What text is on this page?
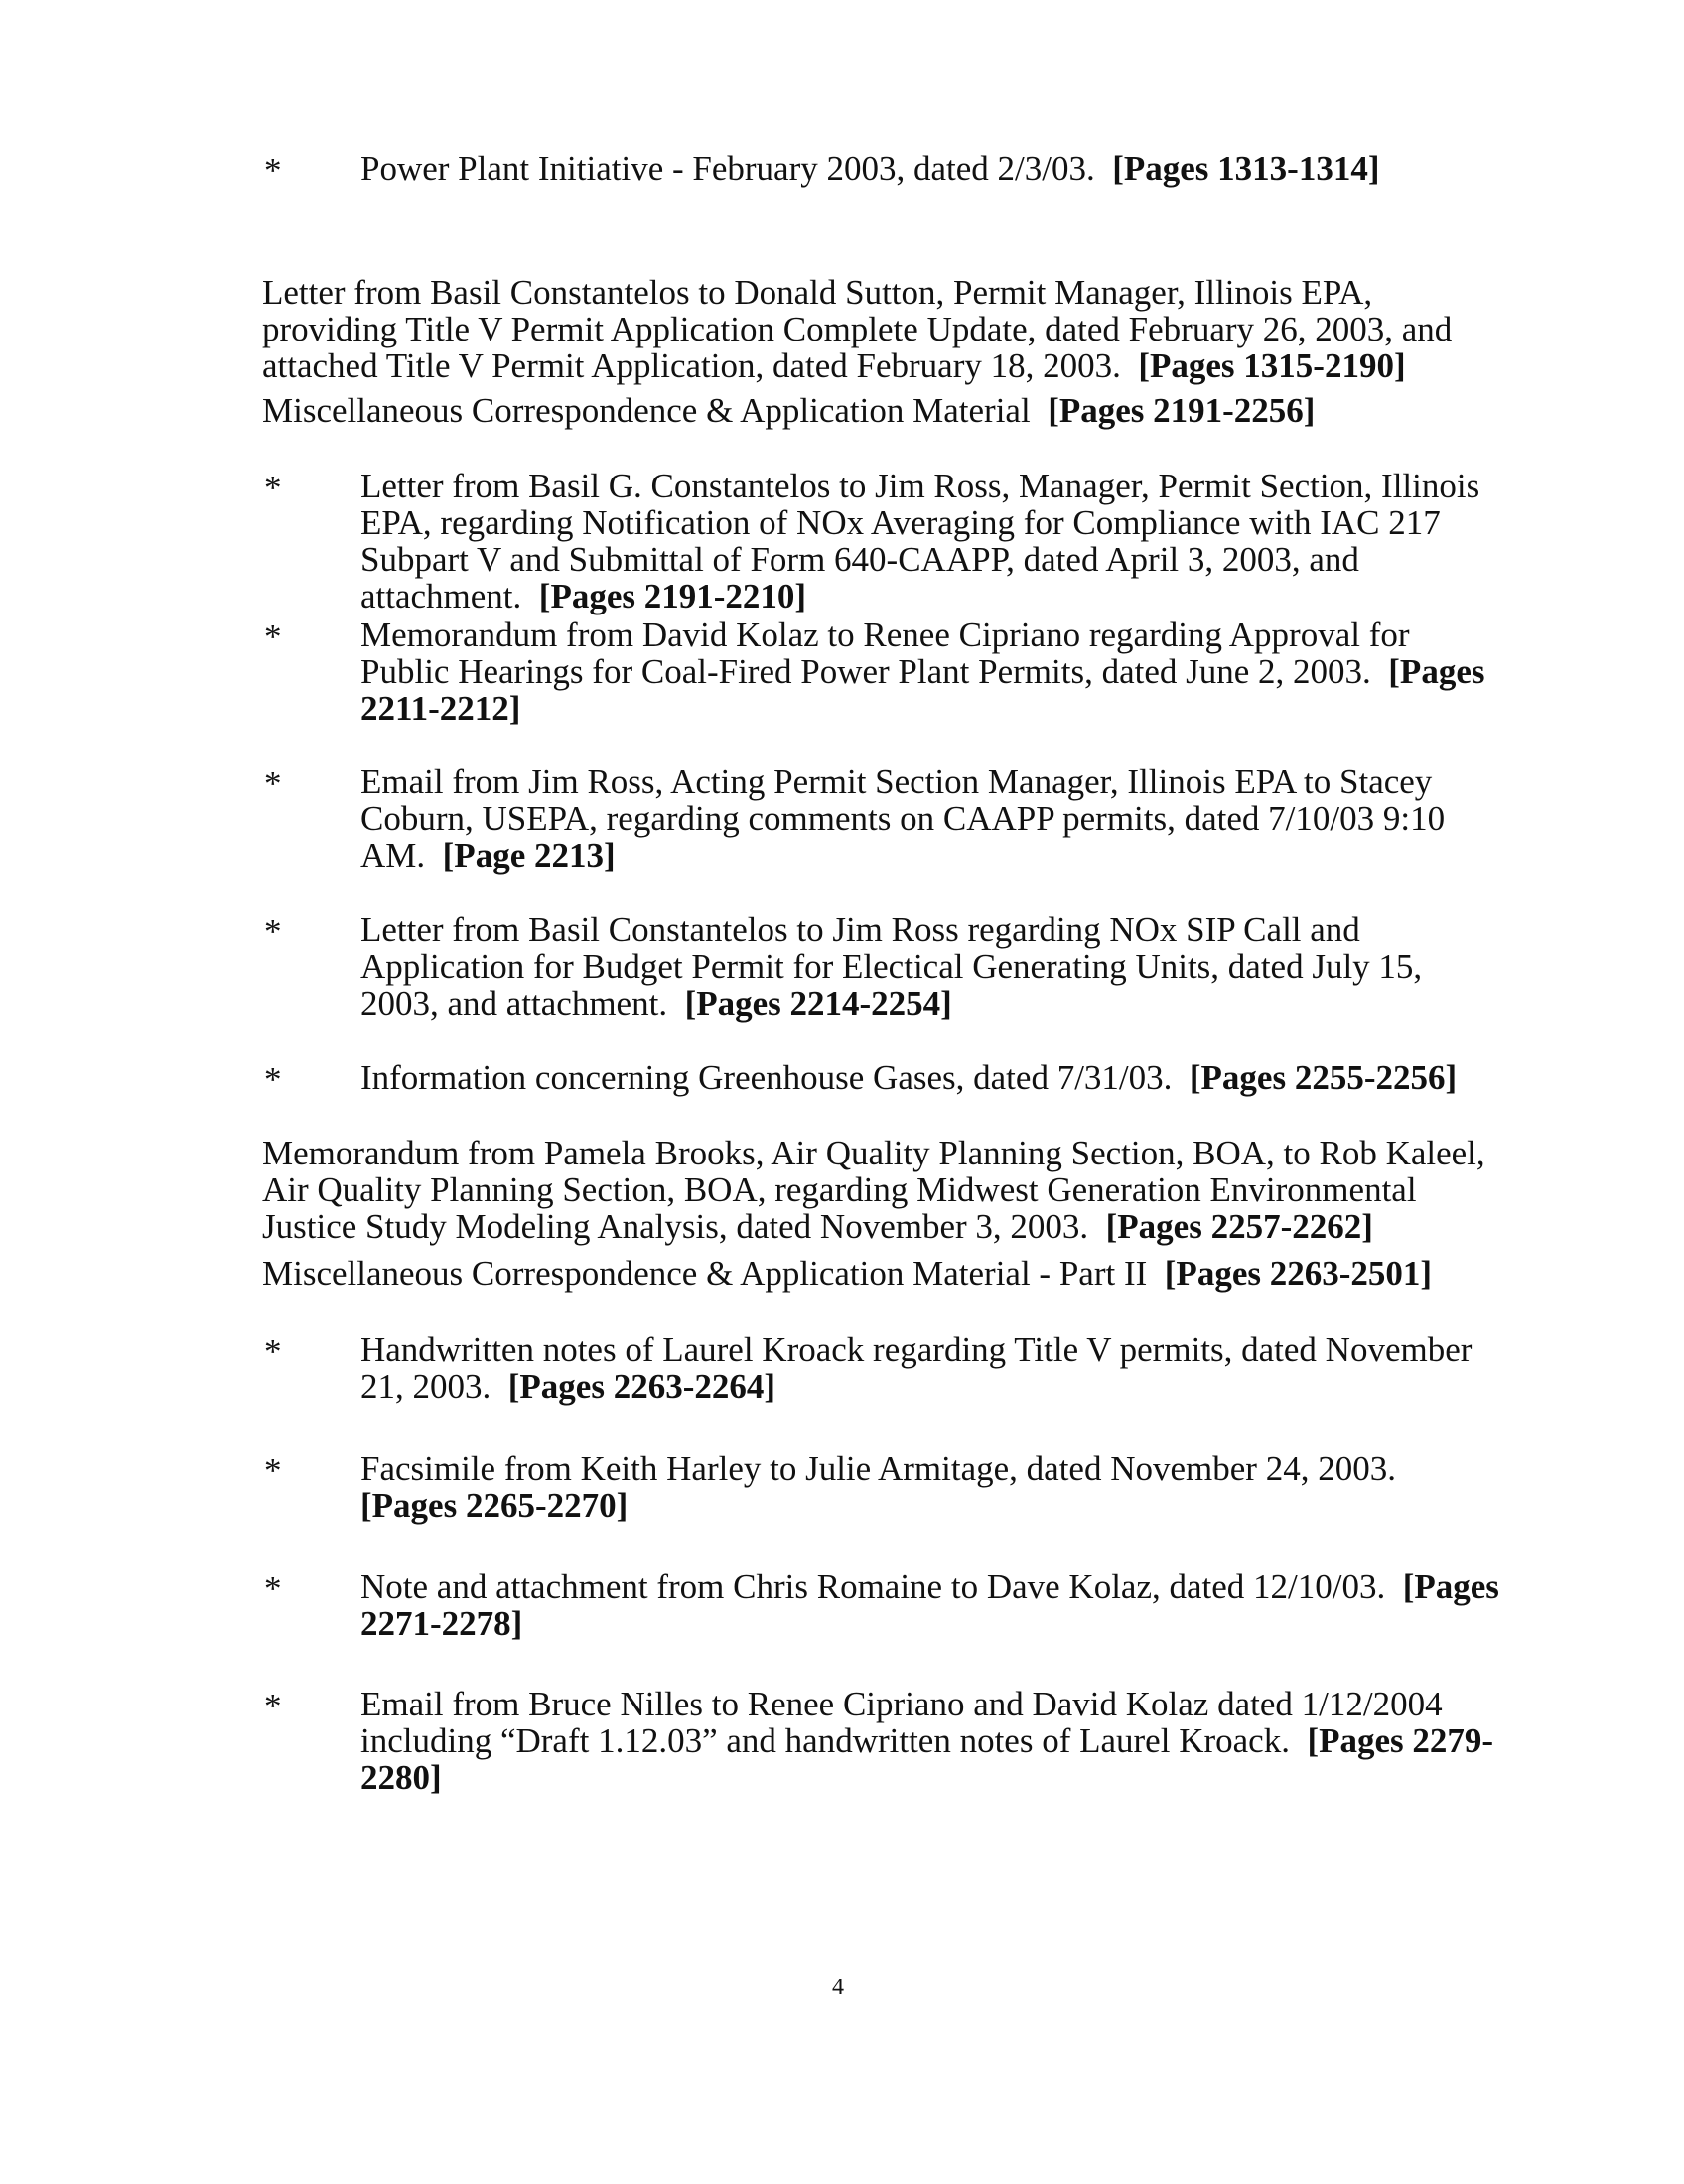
* Power Plant Initiative - February 2003, dated 2/3/03.  [Pages 1313-1314]
Letter from Basil Constantelos to Donald Sutton, Permit Manager, Illinois EPA,
providing Title V Permit Application Complete Update, dated February 26, 2003, and
attached Title V Permit Application, dated February 18, 2003.  [Pages 1315-2190]
Miscellaneous Correspondence & Application Material  [Pages 2191-2256]
* Letter from Basil G. Constantelos to Jim Ross, Manager, Permit Section, Illinois
EPA, regarding Notification of NOx Averaging for Compliance with IAC 217
Subpart V and Submittal of Form 640-CAAPP, dated April 3, 2003, and
attachment.  [Pages 2191-2210]
* Memorandum from David Kolaz to Renee Cipriano regarding Approval for
Public Hearings for Coal-Fired Power Plant Permits, dated June 2, 2003.  [Pages
2211-2212]
* Email from Jim Ross, Acting Permit Section Manager, Illinois EPA to Stacey
Coburn, USEPA, regarding comments on CAAPP permits, dated 7/10/03 9:10
AM.  [Page 2213]
* Letter from Basil Constantelos to Jim Ross regarding NOx SIP Call and
Application for Budget Permit for Electical Generating Units, dated July 15,
2003, and attachment.  [Pages 2214-2254]
* Information concerning Greenhouse Gases, dated 7/31/03.  [Pages 2255-2256]
Memorandum from Pamela Brooks, Air Quality Planning Section, BOA, to Rob Kaleel,
Air Quality Planning Section, BOA, regarding Midwest Generation Environmental
Justice Study Modeling Analysis, dated November 3, 2003.  [Pages 2257-2262]
Miscellaneous Correspondence & Application Material - Part II  [Pages 2263-2501]
* Handwritten notes of Laurel Kroack regarding Title V permits, dated November
21, 2003.  [Pages 2263-2264]
* Facsimile from Keith Harley to Julie Armitage, dated November 24, 2003.
[Pages 2265-2270]
* Note and attachment from Chris Romaine to Dave Kolaz, dated 12/10/03.  [Pages
2271-2278]
* Email from Bruce Nilles to Renee Cipriano and David Kolaz dated 1/12/2004
including “Draft 1.12.03” and handwritten notes of Laurel Kroack.  [Pages 2279-
2280]
4
